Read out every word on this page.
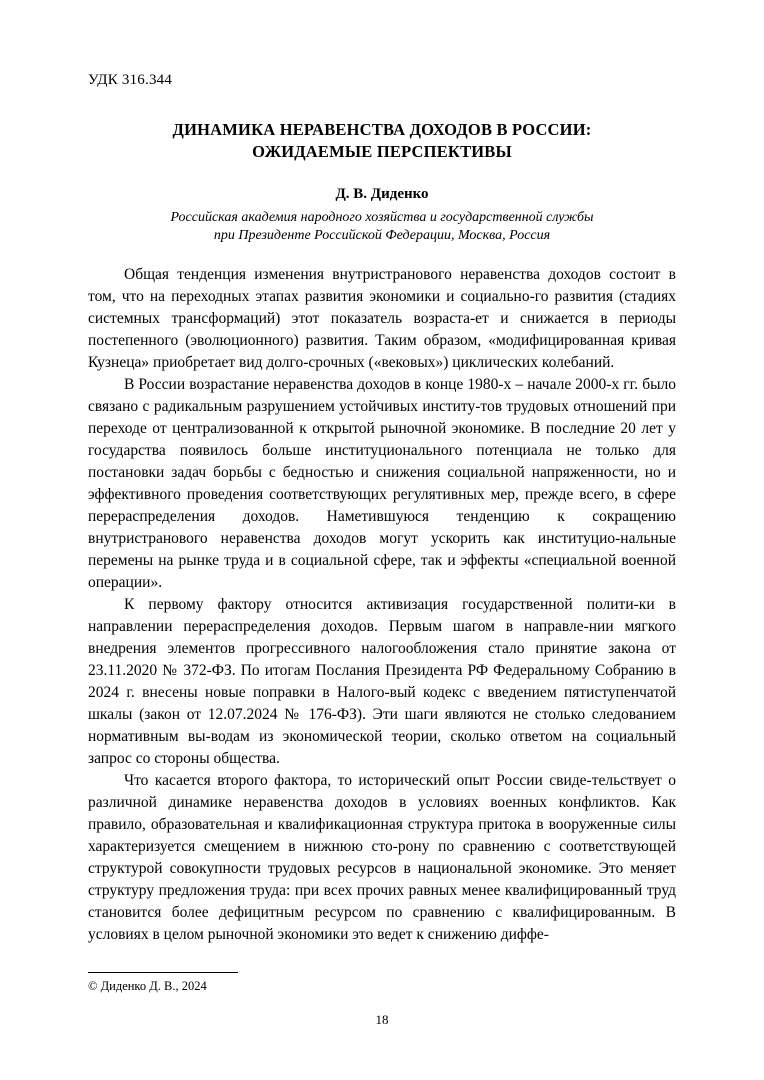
УДК 316.344
ДИНАМИКА НЕРАВЕНСТВА ДОХОДОВ В РОССИИ:
ОЖИДАЕМЫЕ ПЕРСПЕКТИВЫ
Д. В. Диденко
Российская академия народного хозяйства и государственной службы
при Президенте Российской Федерации, Москва, Россия

Общая тенденция изменения внутристранового неравенства доходов состоит в том, что на переходных этапах развития экономики и социально-го развития (стадиях системных трансформаций) этот показатель возраста-ет и снижается в периоды постепенного (эволюционного) развития. Таким образом, «модифицированная кривая Кузнеца» приобретает вид долго-срочных («вековых») циклических колебаний.

В России возрастание неравенства доходов в конце 1980-х – начале 2000-х гг. было связано с радикальным разрушением устойчивых институ-тов трудовых отношений при переходе от централизованной к открытой рыночной экономике. В последние 20 лет у государства появилось больше институционального потенциала не только для постановки задач борьбы с бедностью и снижения социальной напряженности, но и эффективного проведения соответствующих регулятивных мер, прежде всего, в сфере перераспределения доходов. Наметившуюся тенденцию к сокращению внутристранового неравенства доходов могут ускорить как институцио-нальные перемены на рынке труда и в социальной сфере, так и эффекты «специальной военной операции».

К первому фактору относится активизация государственной полити-ки в направлении перераспределения доходов. Первым шагом в направле-нии мягкого внедрения элементов прогрессивного налогообложения стало принятие закона от 23.11.2020 № 372-ФЗ. По итогам Послания Президента РФ Федеральному Собранию в 2024 г. внесены новые поправки в Налого-вый кодекс с введением пятиступенчатой шкалы (закон от 12.07.2024 № 176-ФЗ). Эти шаги являются не столько следованием нормативным вы-водам из экономической теории, сколько ответом на социальный запрос со стороны общества.

Что касается второго фактора, то исторический опыт России свиде-тельствует о различной динамике неравенства доходов в условиях военных конфликтов. Как правило, образовательная и квалификационная структура притока в вооруженные силы характеризуется смещением в нижнюю сто-рону по сравнению с соответствующей структурой совокупности трудовых ресурсов в национальной экономике. Это меняет структуру предложения труда: при всех прочих равных менее квалифицированный труд становится более дефицитным ресурсом по сравнению с квалифицированным. В условиях в целом рыночной экономики это ведет к снижению диффе-

© Диденко Д. В., 2024
18
